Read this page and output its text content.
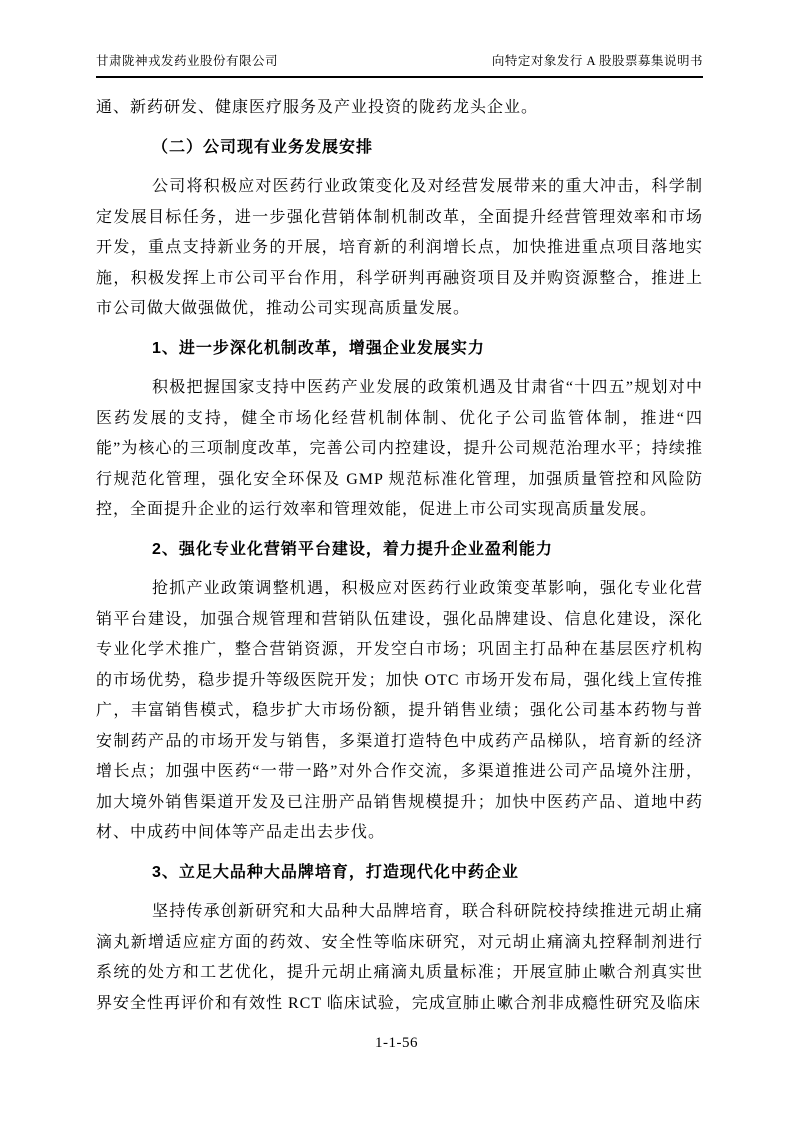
甘肃陇神戎发药业股份有限公司	向特定对象发行 A 股股票募集说明书

通、新药研发、健康医疗服务及产业投资的陇药龙头企业。

（二）公司现有业务发展安排

公司将积极应对医药行业政策变化及对经营发展带来的重大冲击，科学制定发展目标任务，进一步强化营销体制机制改革，全面提升经营管理效率和市场开发，重点支持新业务的开展，培育新的利润增长点，加快推进重点项目落地实施，积极发挥上市公司平台作用，科学研判再融资项目及并购资源整合，推进上市公司做大做强做优，推动公司实现高质量发展。

1、进一步深化机制改革，增强企业发展实力

积极把握国家支持中医药产业发展的政策机遇及甘肃省“十四五”规划对中医药发展的支持，健全市场化经营机制体制、优化子公司监管体制，推进“四能”为核心的三项制度改革，完善公司内控建设，提升公司规范治理水平；持续推行规范化管理，强化安全环保及 GMP 规范标准化管理，加强质量管控和风险防控，全面提升企业的运行效率和管理效能，促进上市公司实现高质量发展。

2、强化专业化营销平台建设，着力提升企业盈利能力

抢抓产业政策调整机遇，积极应对医药行业政策变革影响，强化专业化营销平台建设，加强合规管理和营销队伍建设，强化品牌建设、信息化建设，深化专业化学术推广，整合营销资源，开发空白市场；巩固主打品种在基层医疗机构的市场优势，稳步提升等级医院开发；加快 OTC 市场开发布局，强化线上宣传推广，丰富销售模式，稳步扩大市场份额，提升销售业绩；强化公司基本药物与普安制药产品的市场开发与销售，多渠道打造特色中成药产品梯队，培育新的经济增长点；加强中医药“一带一路”对外合作交流，多渠道推进公司产品境外注册，加大境外销售渠道开发及已注册产品销售规模提升；加快中医药产品、道地中药材、中成药中间体等产品走出去步伐。

3、立足大品种大品牌培育，打造现代化中药企业

坚持传承创新研究和大品种大品牌培育，联合科研院校持续推进元胡止痛滴丸新增适应症方面的药效、安全性等临床研究，对元胡止痛滴丸控释制剂进行系统的处方和工艺优化，提升元胡止痛滴丸质量标准；开展宣肺止嗽合剂真实世界安全性再评价和有效性 RCT 临床试验，完成宣肺止嗽合剂非成瘾性研究及临床

1-1-56
